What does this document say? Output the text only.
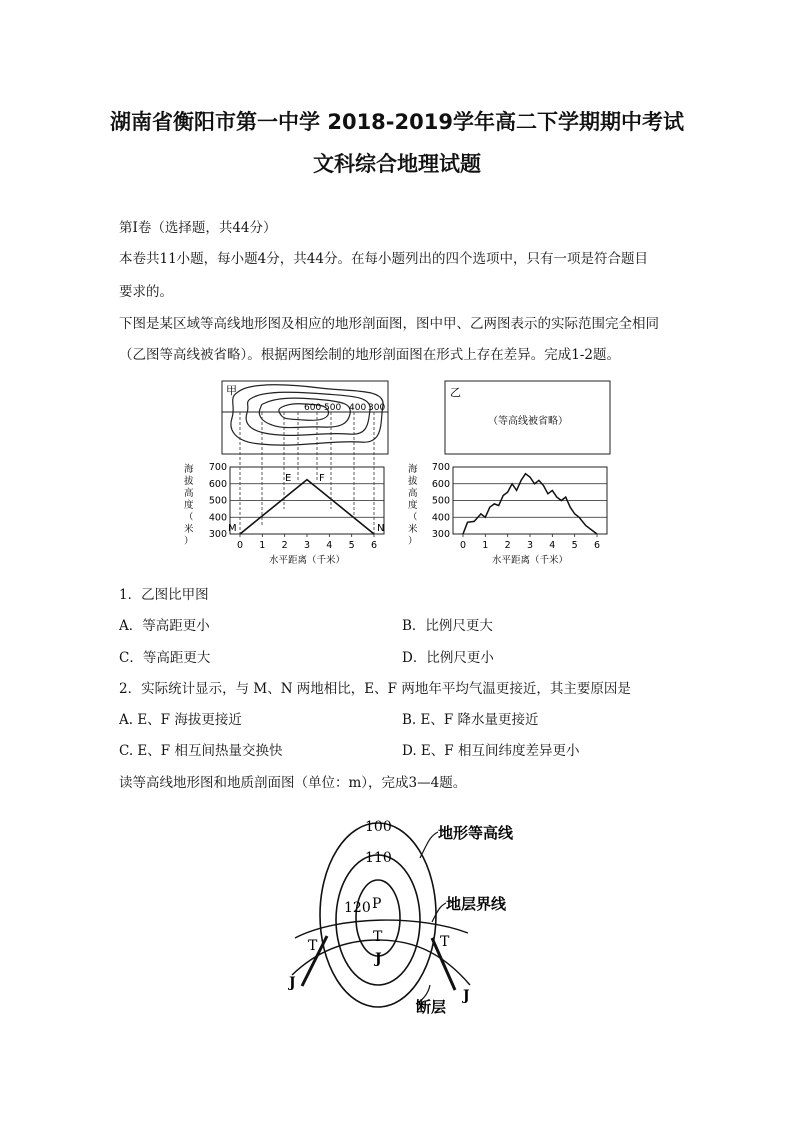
湖南省衡阳市第一中学 2018-2019学年高二下学期期中考试
文科综合地理试题
第Ⅰ卷（选择题，共44分）
本卷共11小题，每小题4分，共44分。在每小题列出的四个选项中，只有一项是符合题目
要求的。
下图是某区域等高线地形图及相应的地形剖面图，图中甲、乙两图表示的实际范围完全相同
（乙图等高线被省略）。根据两图绘制的地形剖面图在形式上存在差异。完成1-2题。
甲
600 500 400 300
乙
（等高线被省略）
700
600
500
400
300
0 1 2 3 4 5 6
M	N
E	F
海
拔
高
度
（
米
）
水平距离（千米）
700
600
500
400
300
0 1 2 3 4 5 6
海
拔
高
度
（
米
）
水平距离（千米）
1．乙图比甲图
A．等高距更小	B．比例尺更大
C．等高距更大	D．比例尺更小
2．实际统计显示，与 M、N 两地相比，E、F 两地年平均气温更接近，其主要原因是
A. E、F 海拔更接近	B. E、F 降水量更接近
C. E、F 相互间热量交换快	D. E、F 相互间纬度差异更小
读等高线地形图和地质剖面图（单位：m），完成3—4题。
100
110
120 P
T
T	T
J
J
J
地形等高线
地层界线
断层
